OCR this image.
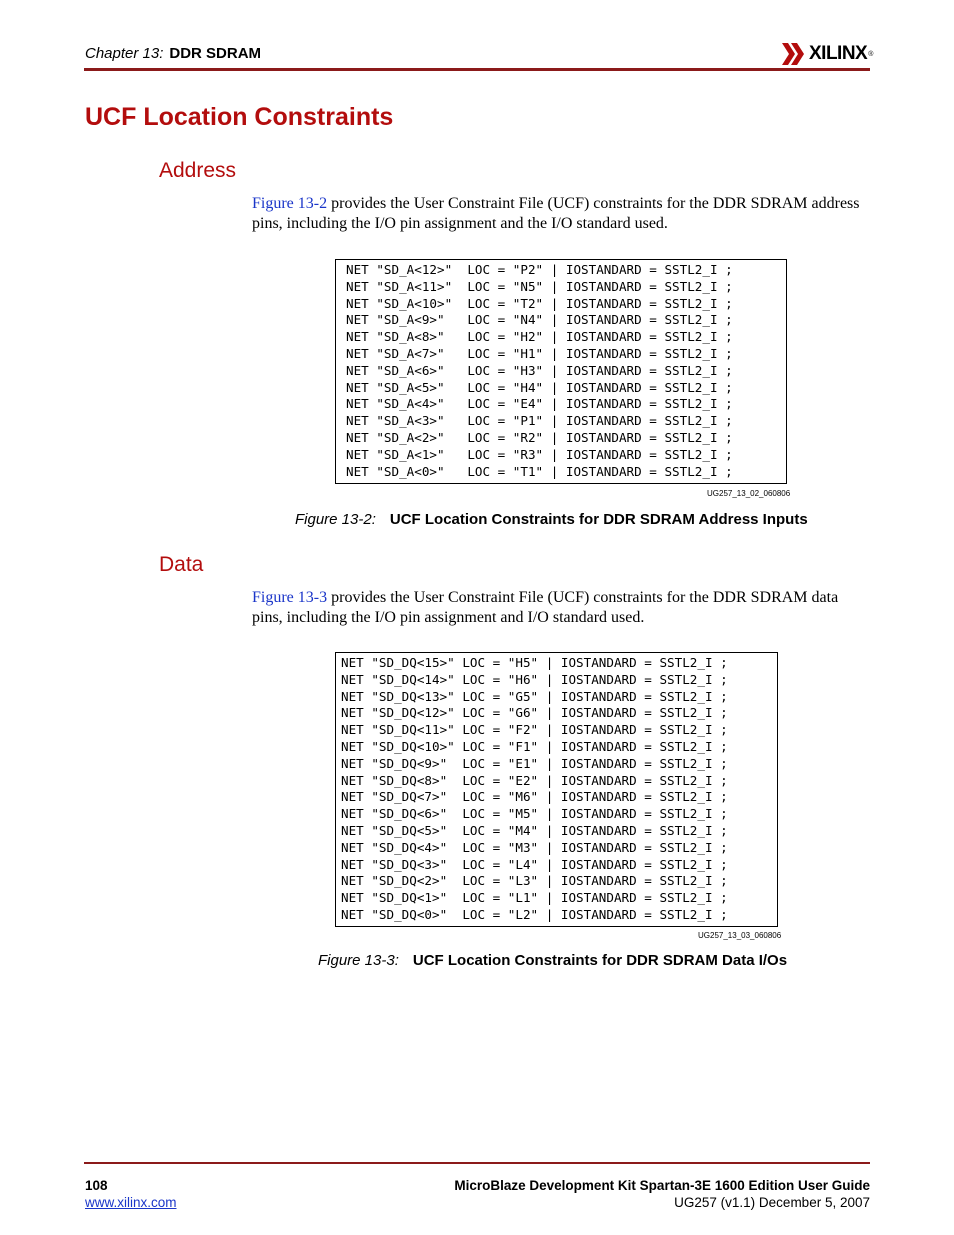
Chapter 13: DDR SDRAM	XILINX ®
UCF Location Constraints
Address
Figure 13-2 provides the User Constraint File (UCF) constraints for the DDR SDRAM address pins, including the I/O pin assignment and the I/O standard used.
NET "SD_A<12>"  LOC = "P2" | IOSTANDARD = SSTL2_I ;
NET "SD_A<11>"  LOC = "N5" | IOSTANDARD = SSTL2_I ;
NET "SD_A<10>"  LOC = "T2" | IOSTANDARD = SSTL2_I ;
NET "SD_A<9>"   LOC = "N4" | IOSTANDARD = SSTL2_I ;
NET "SD_A<8>"   LOC = "H2" | IOSTANDARD = SSTL2_I ;
NET "SD_A<7>"   LOC = "H1" | IOSTANDARD = SSTL2_I ;
NET "SD_A<6>"   LOC = "H3" | IOSTANDARD = SSTL2_I ;
NET "SD_A<5>"   LOC = "H4" | IOSTANDARD = SSTL2_I ;
NET "SD_A<4>"   LOC = "E4" | IOSTANDARD = SSTL2_I ;
NET "SD_A<3>"   LOC = "P1" | IOSTANDARD = SSTL2_I ;
NET "SD_A<2>"   LOC = "R2" | IOSTANDARD = SSTL2_I ;
NET "SD_A<1>"   LOC = "R3" | IOSTANDARD = SSTL2_I ;
NET "SD_A<0>"   LOC = "T1" | IOSTANDARD = SSTL2_I ;
UG257_13_02_060806
Figure 13-2: UCF Location Constraints for DDR SDRAM Address Inputs
Data
Figure 13-3 provides the User Constraint File (UCF) constraints for the DDR SDRAM data pins, including the I/O pin assignment and I/O standard used.
NET "SD_DQ<15>" LOC = "H5" | IOSTANDARD = SSTL2_I ;
NET "SD_DQ<14>" LOC = "H6" | IOSTANDARD = SSTL2_I ;
NET "SD_DQ<13>" LOC = "G5" | IOSTANDARD = SSTL2_I ;
NET "SD_DQ<12>" LOC = "G6" | IOSTANDARD = SSTL2_I ;
NET "SD_DQ<11>" LOC = "F2" | IOSTANDARD = SSTL2_I ;
NET "SD_DQ<10>" LOC = "F1" | IOSTANDARD = SSTL2_I ;
NET "SD_DQ<9>"  LOC = "E1" | IOSTANDARD = SSTL2_I ;
NET "SD_DQ<8>"  LOC = "E2" | IOSTANDARD = SSTL2_I ;
NET "SD_DQ<7>"  LOC = "M6" | IOSTANDARD = SSTL2_I ;
NET "SD_DQ<6>"  LOC = "M5" | IOSTANDARD = SSTL2_I ;
NET "SD_DQ<5>"  LOC = "M4" | IOSTANDARD = SSTL2_I ;
NET "SD_DQ<4>"  LOC = "M3" | IOSTANDARD = SSTL2_I ;
NET "SD_DQ<3>"  LOC = "L4" | IOSTANDARD = SSTL2_I ;
NET "SD_DQ<2>"  LOC = "L3" | IOSTANDARD = SSTL2_I ;
NET "SD_DQ<1>"  LOC = "L1" | IOSTANDARD = SSTL2_I ;
NET "SD_DQ<0>"  LOC = "L2" | IOSTANDARD = SSTL2_I ;
UG257_13_03_060806
Figure 13-3: UCF Location Constraints for DDR SDRAM Data I/Os
108
www.xilinx.com
MicroBlaze Development Kit Spartan-3E 1600 Edition User Guide
UG257 (v1.1) December 5, 2007
